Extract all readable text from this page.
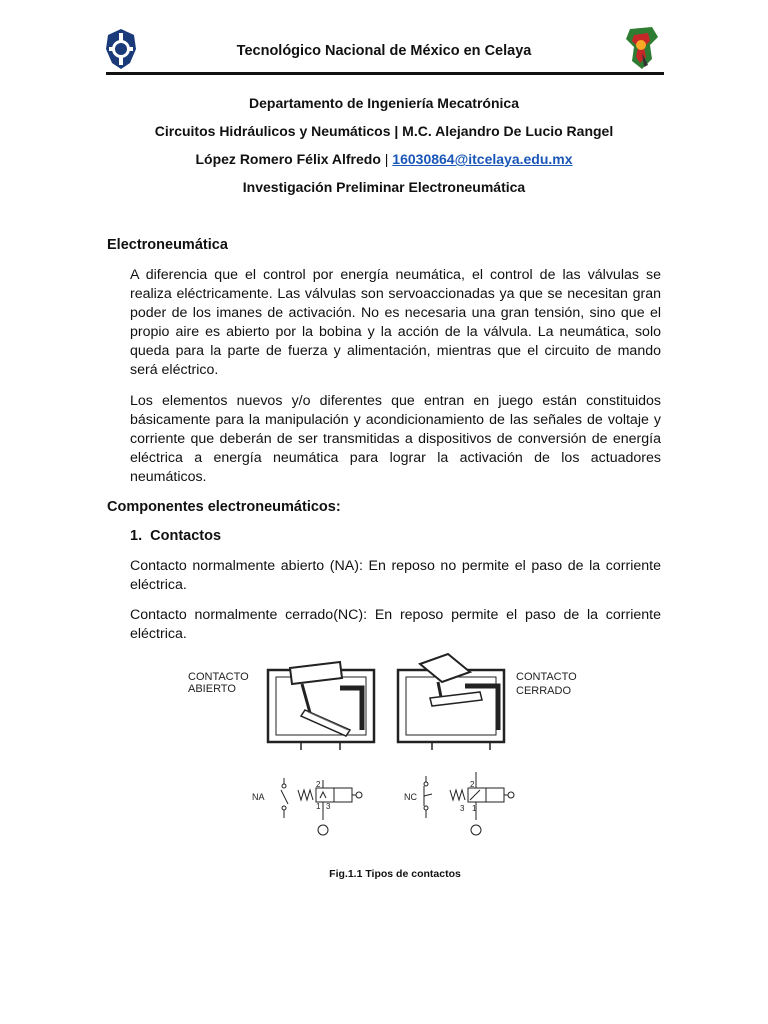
Tecnológico Nacional de México en Celaya
Departamento de Ingeniería Mecatrónica
Circuitos Hidráulicos y Neumáticos | M.C. Alejandro De Lucio Rangel
López Romero Félix Alfredo | 16030864@itcelaya.edu.mx
Investigación Preliminar Electroneumática
Electroneumática

A diferencia que el control por energía neumática, el control de las válvulas se realiza eléctricamente. Las válvulas son servoaccionadas ya que se necesitan gran poder de los imanes de activación. No es necesaria una gran tensión, sino que el propio aire es abierto por la bobina y la acción de la válvula. La neumática, solo queda para la parte de fuerza y alimentación, mientras que el circuito de mando será eléctrico.

Los elementos nuevos y/o diferentes que entran en juego están constituidos básicamente para la manipulación y acondicionamiento de las señales de voltaje y corriente que deberán de ser transmitidas a dispositivos de conversión de energía eléctrica a energía neumática para lograr la activación de los actuadores neumáticos.

Componentes electroneumáticos:
1. Contactos

Contacto normalmente abierto (NA): En reposo no permite el paso de la corriente eléctrica.

Contacto normalmente cerrado(NC): En reposo permite el paso de la corriente eléctrica.

CONTACTO
ABIERTO
CONTACTO
CERRADO
NA	NC
2
3
1
2
3 1
Fig.1.1 Tipos de contactos
